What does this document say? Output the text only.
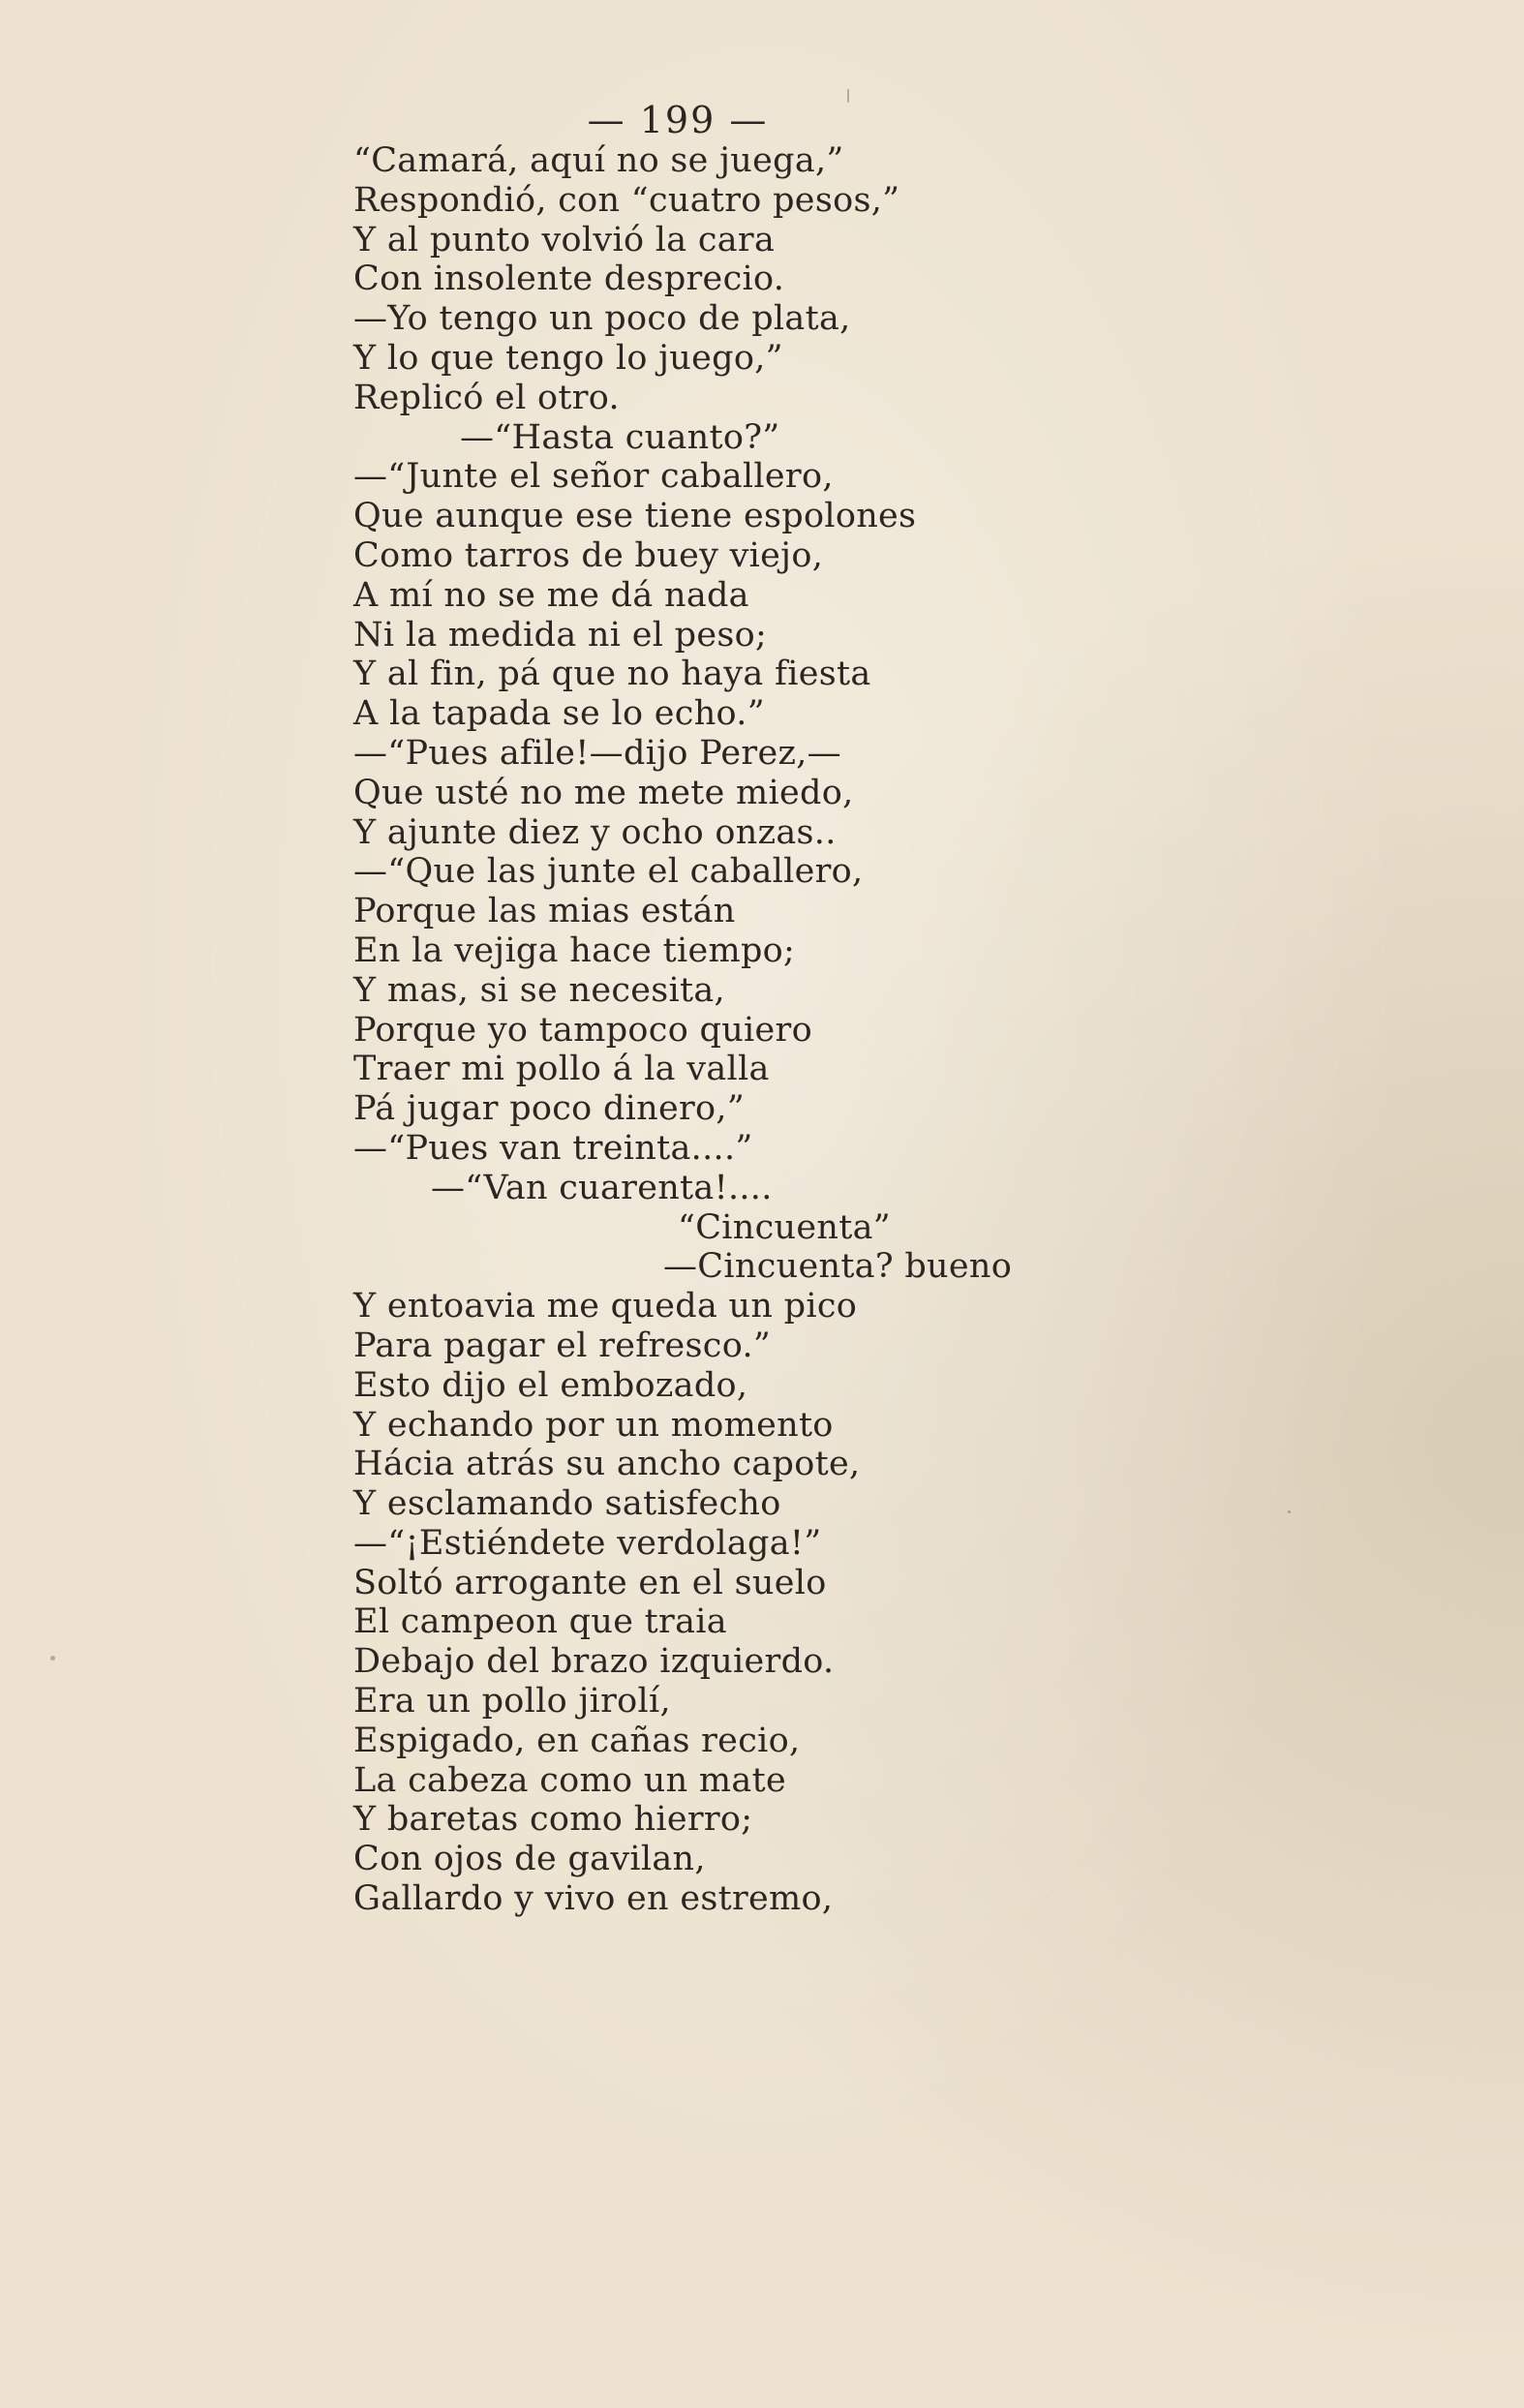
— 199 —
“Camará, aquí no se juega,”
Respondió, con “cuatro pesos,”
Y al punto volvió la cara
Con insolente desprecio.
—Yo tengo un poco de plata,
Y lo que tengo lo juego,”
Replicó el otro.
—“Hasta cuanto?”
—“Junte el señor caballero,
Que aunque ese tiene espolones
Como tarros de buey viejo,
A mí no se me dá nada
Ni la medida ni el peso;
Y al fin, pá que no haya fiesta
A la tapada se lo echo.”
—“Pues afile!—dijo Perez,—
Que usté no me mete miedo,
Y ajunte diez y ocho onzas..
—“Que las junte el caballero,
Porque las mias están
En la vejiga hace tiempo;
Y mas, si se necesita,
Porque yo tampoco quiero
Traer mi pollo á la valla
Pá jugar poco dinero,”
—“Pues van treinta....”
—“Van cuarenta!....
“Cincuenta”
—Cincuenta? bueno
Y entoavia me queda un pico
Para pagar el refresco.”
Esto dijo el embozado,
Y echando por un momento
Hácia atrás su ancho capote,
Y esclamando satisfecho
—“¡Estiéndete verdolaga!”
Soltó arrogante en el suelo
El campeon que traia
Debajo del brazo izquierdo.
Era un pollo jirolí,
Espigado, en cañas recio,
La cabeza como un mate
Y baretas como hierro;
Con ojos de gavilan,
Gallardo y vivo en estremo,
